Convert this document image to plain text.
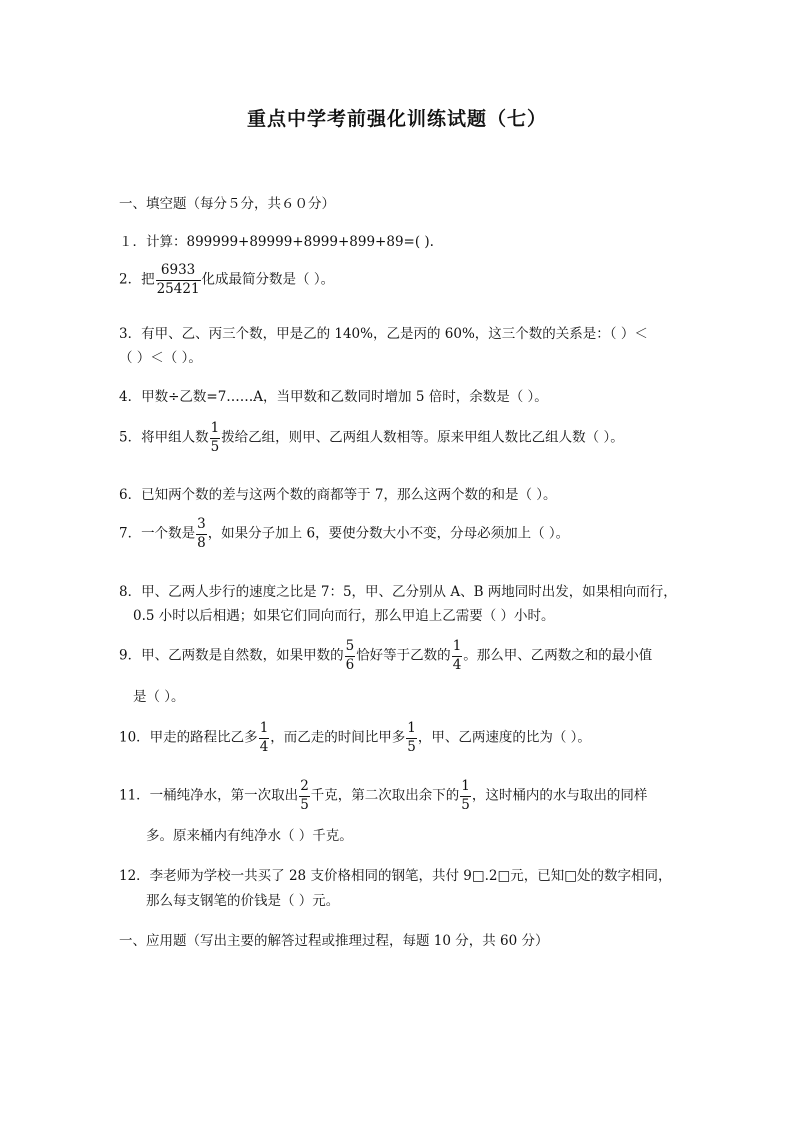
重点中学考前强化训练试题（七）
一、填空题（每分５分，共６０分）
１．计算：899999+89999+8999+899+89=( ).
2．把 $\frac{6933}{25421}$ 化成最简分数是（ ）。
3．有甲、乙、丙三个数，甲是乙的 140%，乙是丙的 60%，这三个数的关系是：（ ）＜
（ ）＜（ ）。
4．甲数÷乙数=7……A，当甲数和乙数同时增加 5 倍时，余数是（ ）。
5．将甲组人数 $\frac{1}{5}$ 拨给乙组，则甲、乙两组人数相等。原来甲组人数比乙组人数（ ）。
6．已知两个数的差与这两个数的商都等于 7，那么这两个数的和是（ ）。
7．一个数是 $\frac{3}{8}$ ，如果分子加上 6，要使分数大小不变，分母必须加上（ ）。
8．甲、乙两人步行的速度之比是 7：5，甲、乙分别从 A、B 两地同时出发，如果相向而行，
0.5 小时以后相遇；如果它们同向而行，那么甲追上乙需要（ ）小时。
9．甲、乙两数是自然数，如果甲数的 $\frac{5}{6}$ 恰好等于乙数的 $\frac{1}{4}$ 。那么甲、乙两数之和的最小值
是（ ）。
10．甲走的路程比乙多 $\frac{1}{4}$ ，而乙走的时间比甲多 $\frac{1}{5}$ ，甲、乙两速度的比为（ ）。
11．一桶纯净水，第一次取出 $\frac{2}{5}$ 千克，第二次取出余下的 $\frac{1}{5}$ ，这时桶内的水与取出的同样
多。原来桶内有纯净水（ ）千克。
12．李老师为学校一共买了 28 支价格相同的钢笔，共付 9□.2□元，已知□处的数字相同，
那么每支钢笔的价钱是（ ）元。
一、应用题（写出主要的解答过程或推理过程，每题 10 分，共 60 分）
